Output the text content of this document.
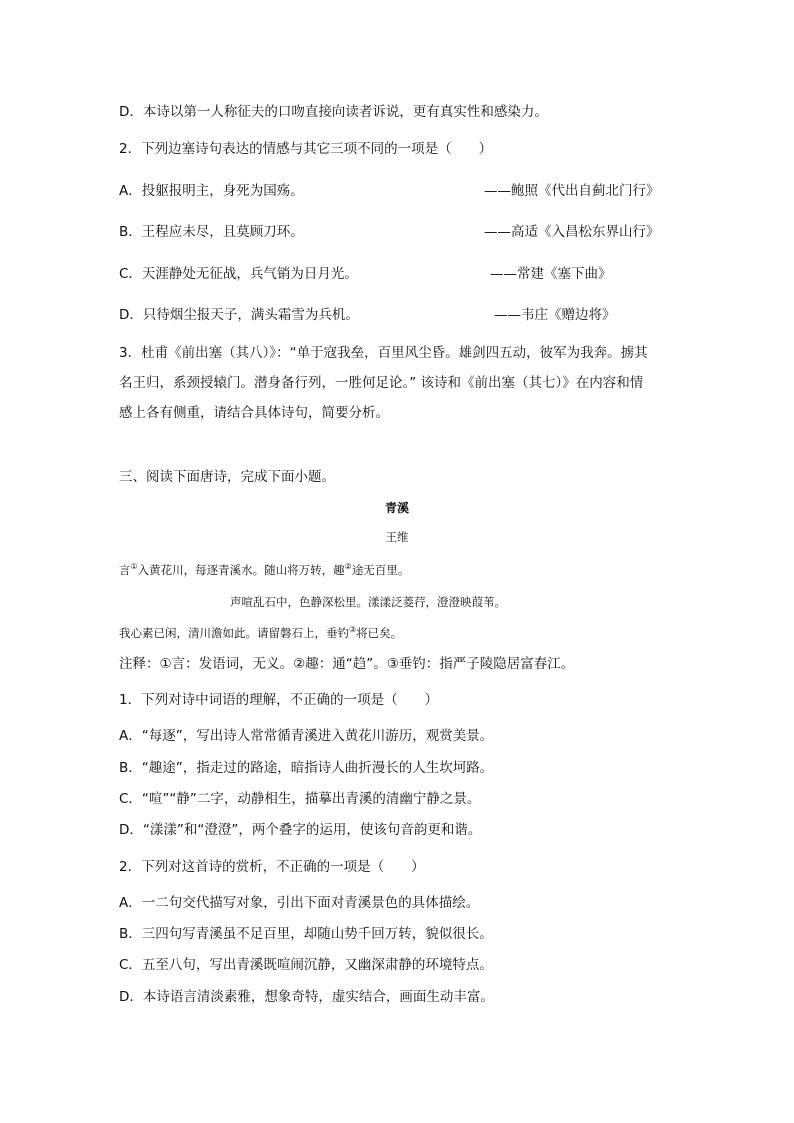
D．本诗以第一人称征夫的口吻直接向读者诉说，更有真实性和感染力。
2．下列边塞诗句表达的情感与其它三项不同的一项是（　　）
A．投躯报明主，身死为国殇。	——鲍照《代出自蓟北门行》
B．王程应未尽，且莫顾刀环。	——高适《入昌松东界山行》
C．天涯静处无征战，兵气销为日月光。	——常建《塞下曲》
D．只待烟尘报天子，满头霜雪为兵机。	——韦庄《赠边将》
3．杜甫《前出塞（其八）》：“单于寇我垒，百里风尘昏。雄剑四五动，彼军为我奔。掳其
名王归，系颈授辕门。潜身备行列，一胜何足论。” 该诗和《前出塞（其七）》在内容和情
感上各有侧重，请结合具体诗句，简要分析。
三、阅读下面唐诗，完成下面小题。
青溪
王维
言①入黄花川，每逐青溪水。随山将万转，趣②途无百里。
声喧乱石中，色静深松里。漾漾泛菱荇，澄澄映葭苇。
我心素已闲，清川澹如此。请留磐石上，垂钓③将已矣。
注释：①言：发语词，无义。②趣：通“趋”。③垂钓：指严子陵隐居富春江。
1．下列对诗中词语的理解，不正确的一项是（　　）
A．“每逐”，写出诗人常常循青溪进入黄花川游历，观赏美景。
B．“趣途”，指走过的路途，暗指诗人曲折漫长的人生坎坷路。
C．“喧”“静”二字，动静相生，描摹出青溪的清幽宁静之景。
D．“漾漾”和“澄澄”，两个叠字的运用，使该句音韵更和谐。
2．下列对这首诗的赏析，不正确的一项是（　　）
A．一二句交代描写对象，引出下面对青溪景色的具体描绘。
B．三四句写青溪虽不足百里，却随山势千回万转，貌似很长。
C．五至八句，写出青溪既喧闹沉静，又幽深肃静的环境特点。
D．本诗语言清淡素雅，想象奇特，虚实结合，画面生动丰富。
